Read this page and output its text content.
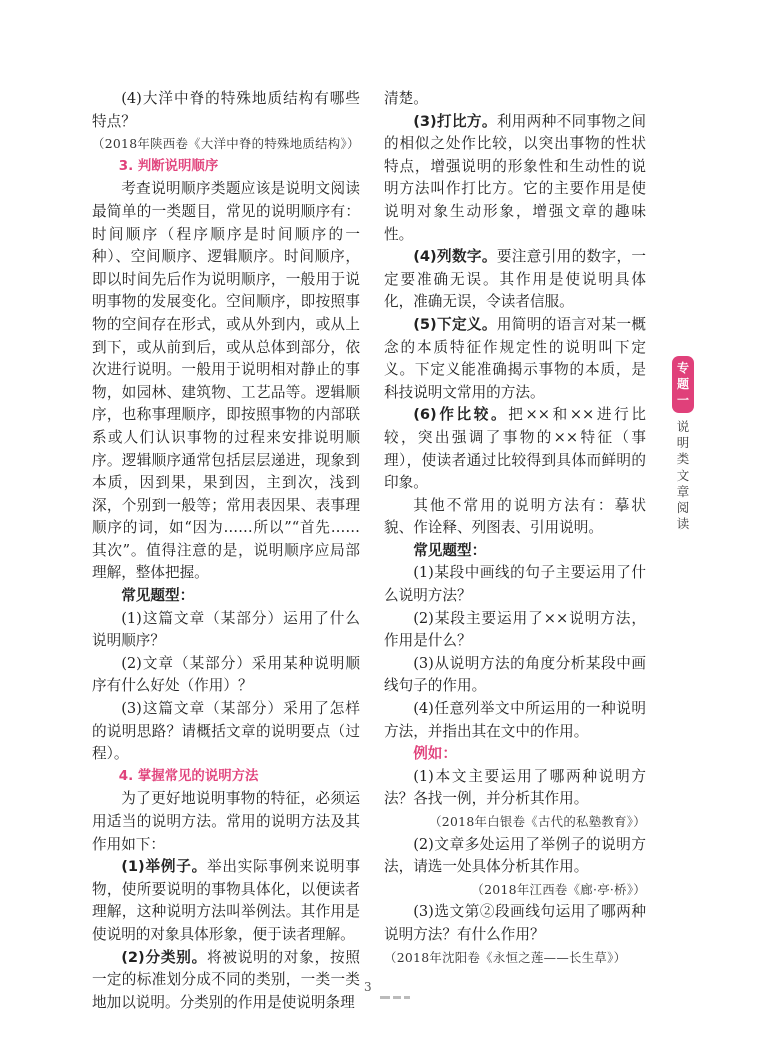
(4)大洋中脊的特殊地质结构有哪些特点？

（2018年陕西卷《大洋中脊的特殊地质结构》）

3. 判断说明顺序

考查说明顺序类题应该是说明文阅读最简单的一类题目，常见的说明顺序有：时间顺序（程序顺序是时间顺序的一种）、空间顺序、逻辑顺序。时间顺序，即以时间先后作为说明顺序，一般用于说明事物的发展变化。空间顺序，即按照事物的空间存在形式，或从外到内，或从上到下，或从前到后，或从总体到部分，依次进行说明。一般用于说明相对静止的事物，如园林、建筑物、工艺品等。逻辑顺序，也称事理顺序，即按照事物的内部联系或人们认识事物的过程来安排说明顺序。逻辑顺序通常包括层层递进，现象到本质，因到果，果到因，主到次，浅到深，个别到一般等；常用表因果、表事理顺序的词，如“因为……所以”“首先……其次”。值得注意的是，说明顺序应局部理解，整体把握。

常见题型：

(1)这篇文章（某部分）运用了什么说明顺序？

(2)文章（某部分）采用某种说明顺序有什么好处（作用）？

(3)这篇文章（某部分）采用了怎样的说明思路？请概括文章的说明要点（过程）。

4. 掌握常见的说明方法

为了更好地说明事物的特征，必须运用适当的说明方法。常用的说明方法及其作用如下：

(1)举例子。举出实际事例来说明事物，使所要说明的事物具体化，以便读者理解，这种说明方法叫举例法。其作用是使说明的对象具体形象，便于读者理解。

(2)分类别。将被说明的对象，按照一定的标准划分成不同的类别，一类一类地加以说明。分类别的作用是使说明条理

清楚。

(3)打比方。利用两种不同事物之间的相似之处作比较，以突出事物的性状特点，增强说明的形象性和生动性的说明方法叫作打比方。它的主要作用是使说明对象生动形象，增强文章的趣味性。

(4)列数字。要注意引用的数字，一定要准确无误。其作用是使说明具体化，准确无误，令读者信服。

(5)下定义。用简明的语言对某一概念的本质特征作规定性的说明叫下定义。下定义能准确揭示事物的本质，是科技说明文常用的方法。

(6)作比较。把××和××进行比较，突出强调了事物的××特征（事理），使读者通过比较得到具体而鲜明的印象。

其他不常用的说明方法有：摹状貌、作诠释、列图表、引用说明。

常见题型：

(1)某段中画线的句子主要运用了什么说明方法？

(2)某段主要运用了××说明方法，作用是什么？

(3)从说明方法的角度分析某段中画线句子的作用。

(4)任意列举文中所运用的一种说明方法，并指出其在文中的作用。

例如：

(1)本文主要运用了哪两种说明方法？各找一例，并分析其作用。

（2018年白银卷《古代的私塾教育》）

(2)文章多处运用了举例子的说明方法，请选一处具体分析其作用。

（2018年江西卷《廊·亭·桥》）

(3)选文第②段画线句运用了哪两种说明方法？有什么作用？

（2018年沈阳卷《永恒之莲——长生草》）

专
题
一
说
明
类
文
章
阅
读
3
